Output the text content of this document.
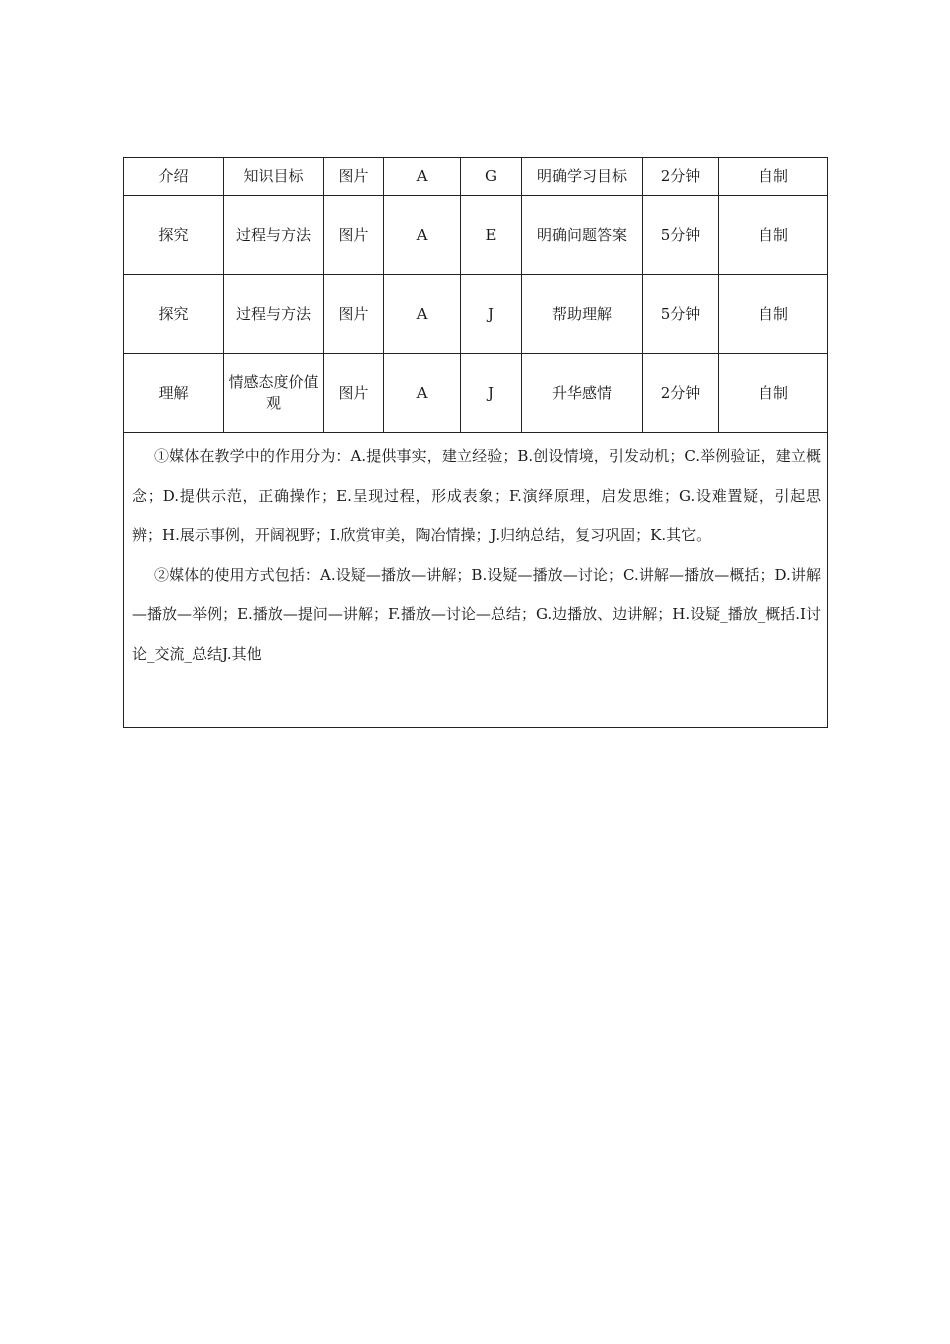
介绍	知识目标	图片	A	G	明确学习目标	2分钟	自制
探究	过程与方法	图片	A	E	明确问题答案	5分钟	自制
探究	过程与方法	图片	A	J	帮助理解	5分钟	自制
理解	情感态度价值观	图片	A	J	升华感情	2分钟	自制

①媒体在教学中的作用分为：A.提供事实，建立经验；B.创设情境，引发动机；C.举例验证，建立概念；D.提供示范，正确操作；E.呈现过程，形成表象；F.演绎原理，启发思维；G.设难置疑，引起思辨；H.展示事例，开阔视野；I.欣赏审美，陶冶情操；J.归纳总结，复习巩固；K.其它。

②媒体的使用方式包括：A.设疑—播放—讲解；B.设疑—播放—讨论；C.讲解—播放—概括；D.讲解—播放—举例；E.播放—提问—讲解；F.播放—讨论—总结；G.边播放、边讲解；H.设疑_播放_概括.I讨论_交流_总结J.其他							
